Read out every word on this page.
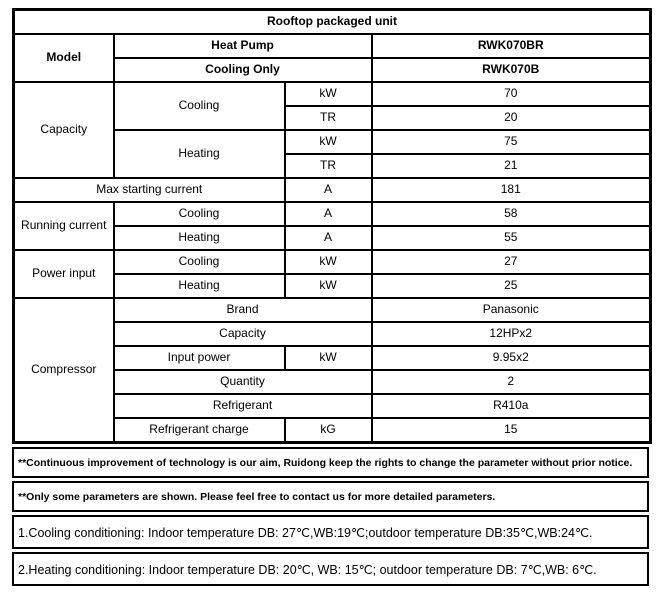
Rooftop packaged unit			
Model	Heat Pump		RWK070BR
	Cooling Only		RWK070B
Capacity	Cooling	kW	70
		TR	20
	Heating	kW	75
		TR	21
Max starting current		A	181
Running current	Cooling	A	58
	Heating	A	55
Power input	Cooling	kW	27
	Heating	kW	25
Compressor	Brand		Panasonic
	Capacity		12HPx2
	Input power	kW	9.95x2
	Quantity		2
	Refrigerant		R410a
	Refrigerant charge	kG	15
**Continuous improvement of technology is our aim, Ruidong keep the rights to change the parameter without prior notice.
**Only some parameters are shown. Please feel free to contact us for more detailed parameters.
1.Cooling conditioning: Indoor temperature DB: 27℃,WB:19℃;outdoor temperature DB:35℃,WB:24℃.
2.Heating conditioning: Indoor temperature DB: 20℃, WB: 15℃; outdoor temperature DB: 7℃,WB: 6℃.
